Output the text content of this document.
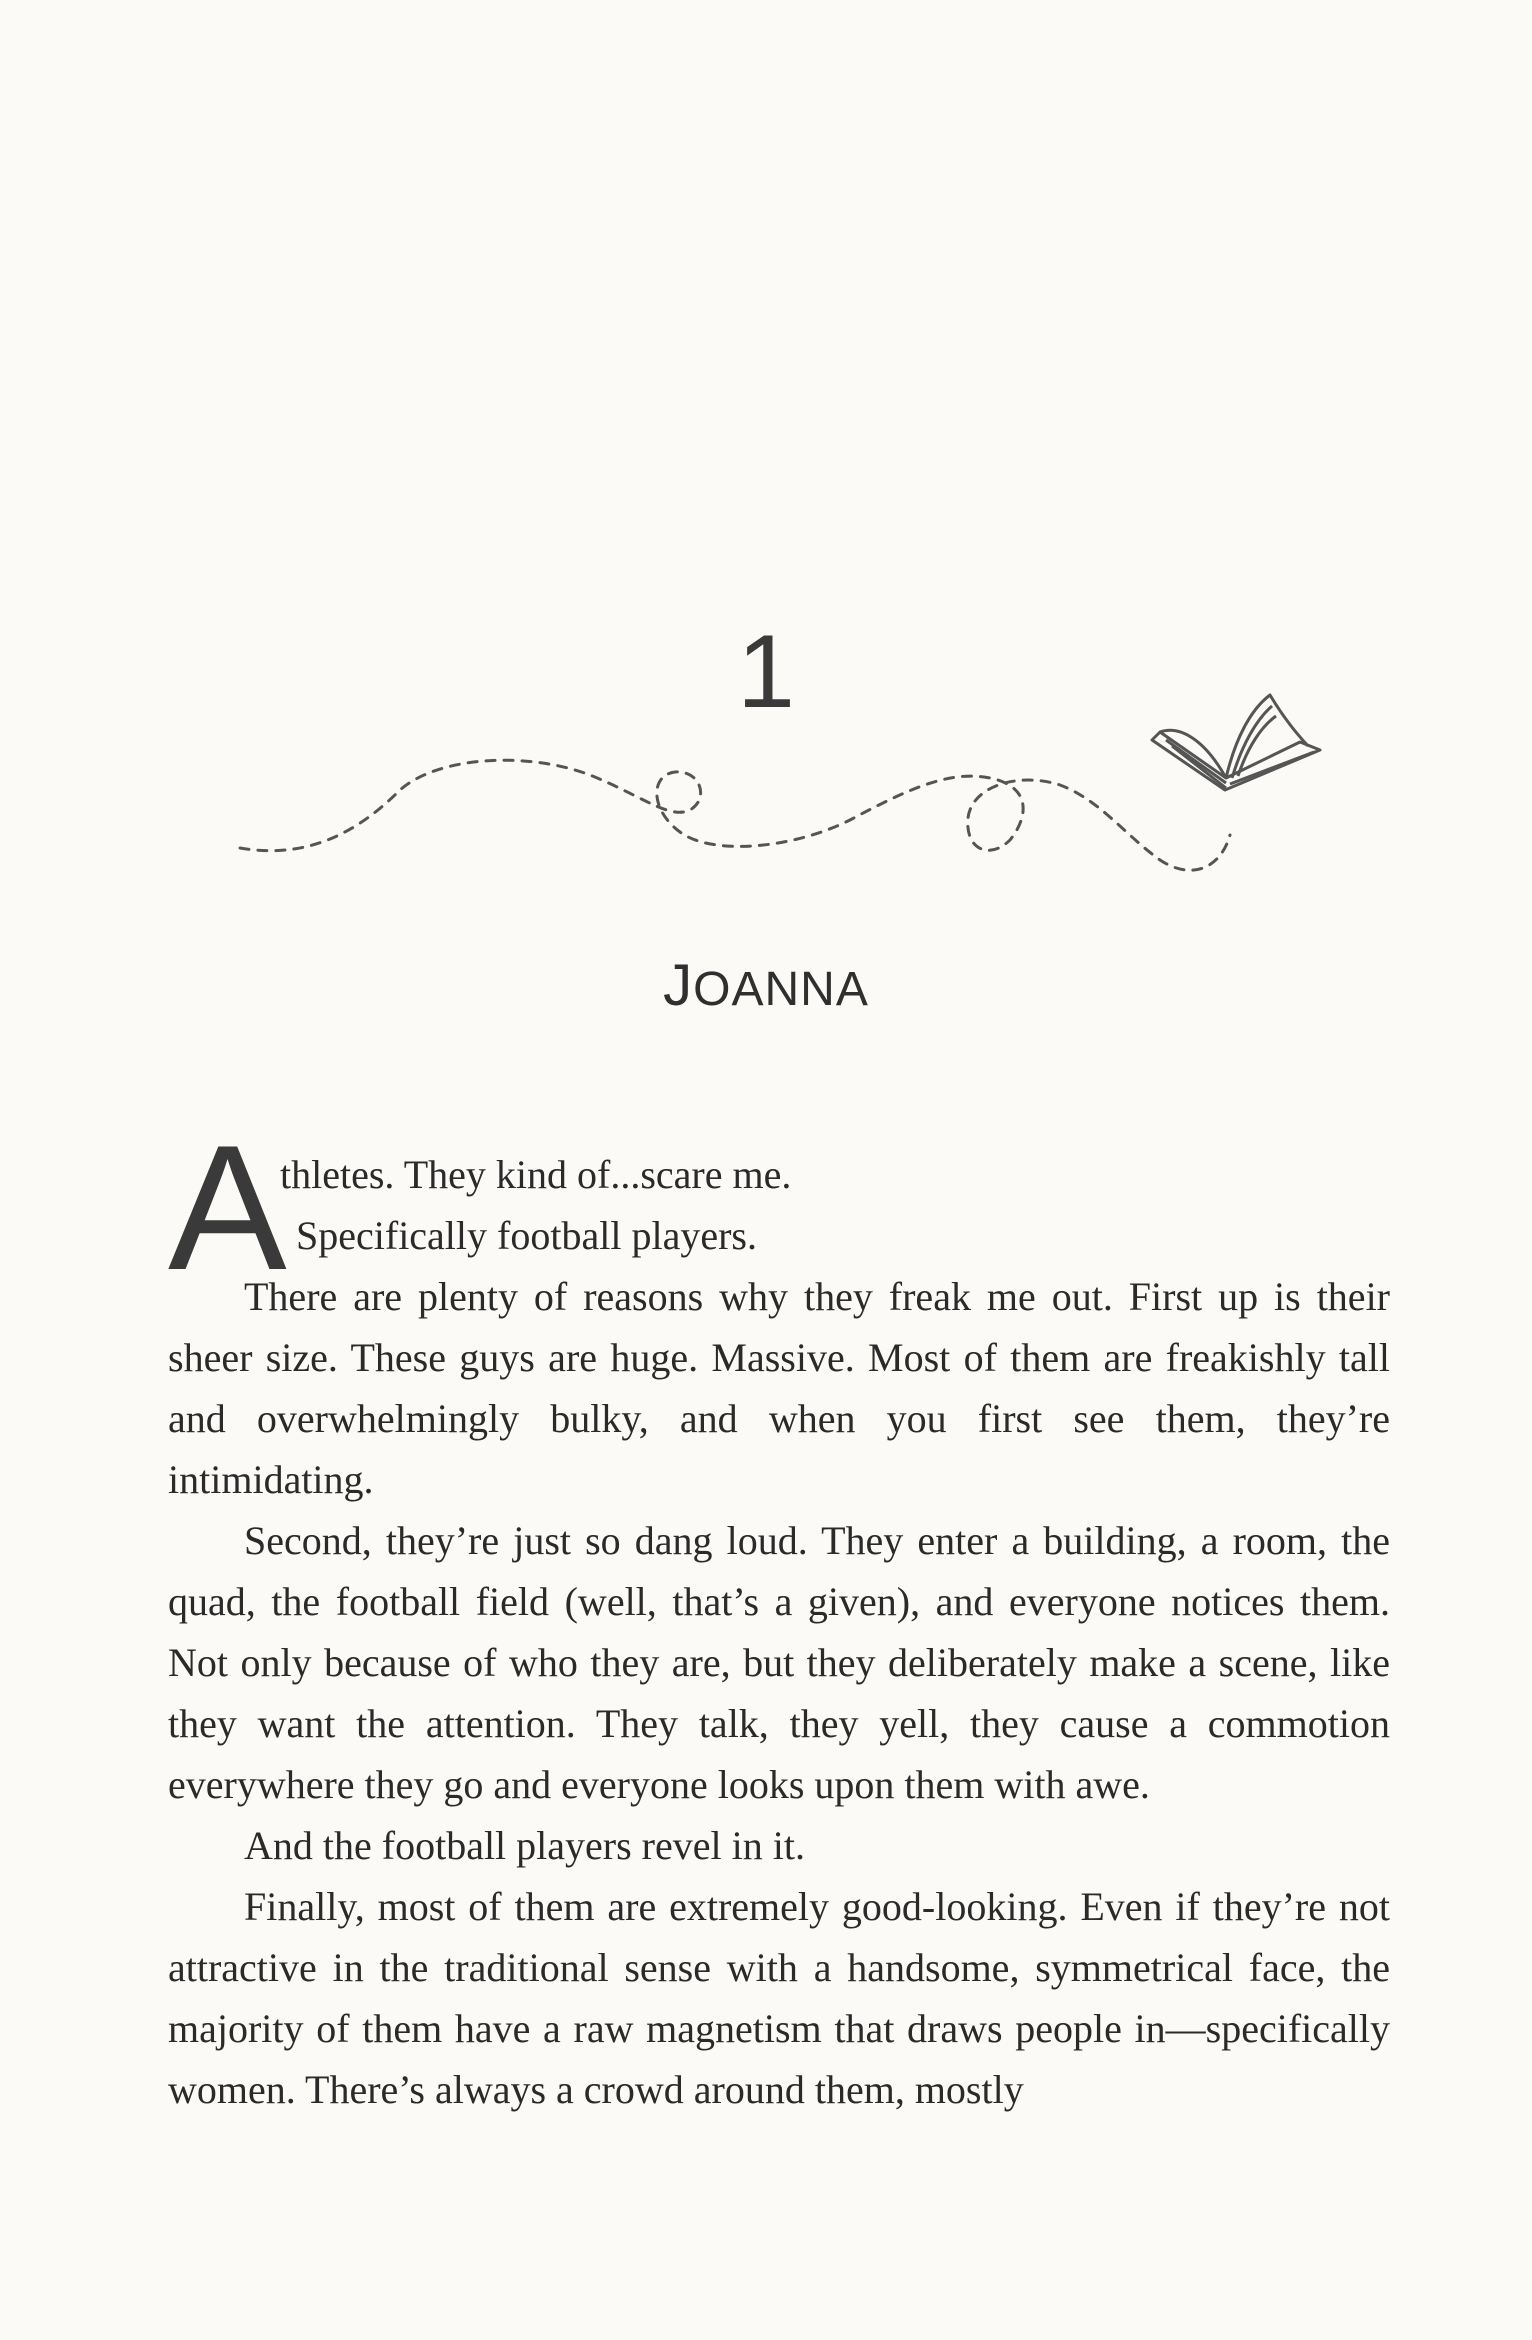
1
JOANNA
A
thletes. They kind of...scare me.
Specifically football players.

There are plenty of reasons why they freak me out. First up is their sheer size. These guys are huge. Massive. Most of them are freakishly tall and overwhelmingly bulky, and when you first see them, they’re intimidating.

Second, they’re just so dang loud. They enter a building, a room, the quad, the football field (well, that’s a given), and everyone notices them. Not only because of who they are, but they deliberately make a scene, like they want the attention. They talk, they yell, they cause a commotion everywhere they go and everyone looks upon them with awe.

And the football players revel in it.

Finally, most of them are extremely good-looking. Even if they’re not attractive in the traditional sense with a handsome, symmetrical face, the majority of them have a raw magnetism that draws people in—specifically women. There’s always a crowd around them, mostly
